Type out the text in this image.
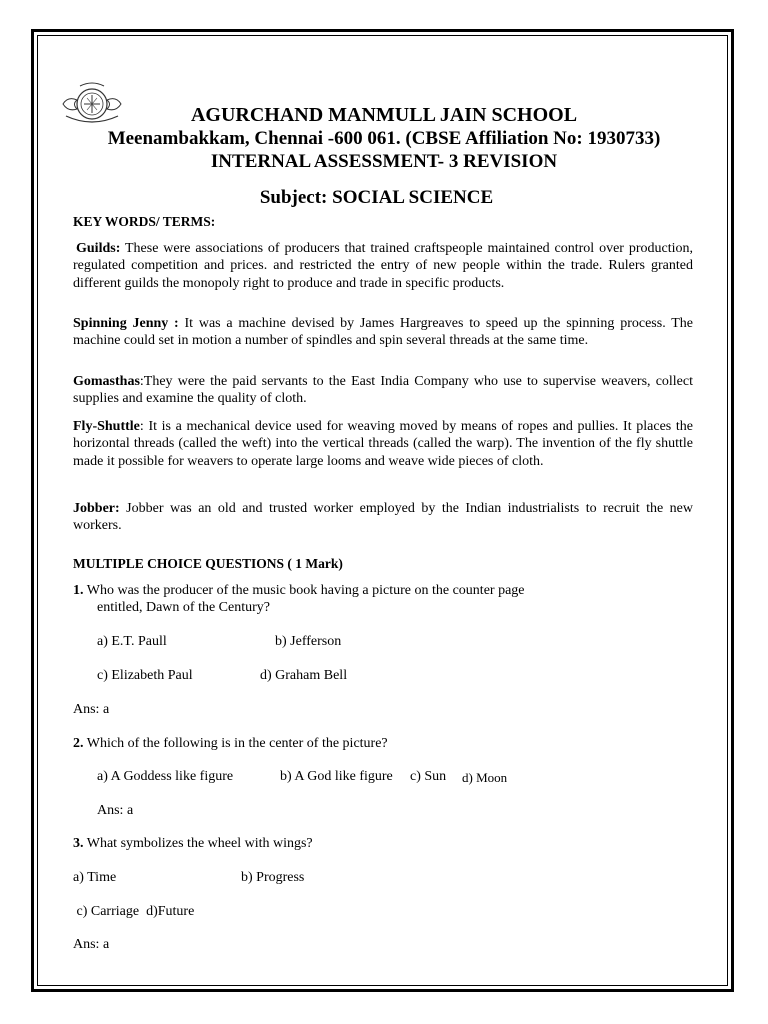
AGURCHAND MANMULL JAIN SCHOOL
Meenambakkam, Chennai -600 061. (CBSE Affiliation No: 1930733)
INTERNAL ASSESSMENT- 3 REVISION
Subject: SOCIAL SCIENCE
KEY WORDS/ TERMS:
Guilds: These were associations of producers that trained craftspeople maintained control over production, regulated competition and prices. and restricted the entry of new people within the trade. Rulers granted different guilds the monopoly right to produce and trade in specific products.
Spinning Jenny : It was a machine devised by James Hargreaves to speed up the spinning process. The machine could set in motion a number of spindles and spin several threads at the same time.
Gomasthas:They were the paid servants to the East India Company who use to supervise weavers, collect supplies and examine the quality of cloth.
Fly-Shuttle: It is a mechanical device used for weaving moved by means of ropes and pullies. It places the horizontal threads (called the weft) into the vertical threads (called the warp). The invention of the fly shuttle made it possible for weavers to operate large looms and weave wide pieces of cloth.
Jobber: Jobber was an old and trusted worker employed by the Indian industrialists to recruit the new workers.
MULTIPLE CHOICE QUESTIONS ( 1 Mark)
1. Who was the producer of the music book having a picture on the counter page
entitled, Dawn of the Century?
a) E.T. Paull	b) Jefferson
c) Elizabeth Paul	d) Graham Bell
Ans: a
2. Which of the following is in the center of the picture?
a) A Goddess like figure	b) A God like figure c) Sun d) Moon
Ans: a
3. What symbolizes the wheel with wings?
a) Time	b) Progress
c) Carriage  d)Future
Ans: a
